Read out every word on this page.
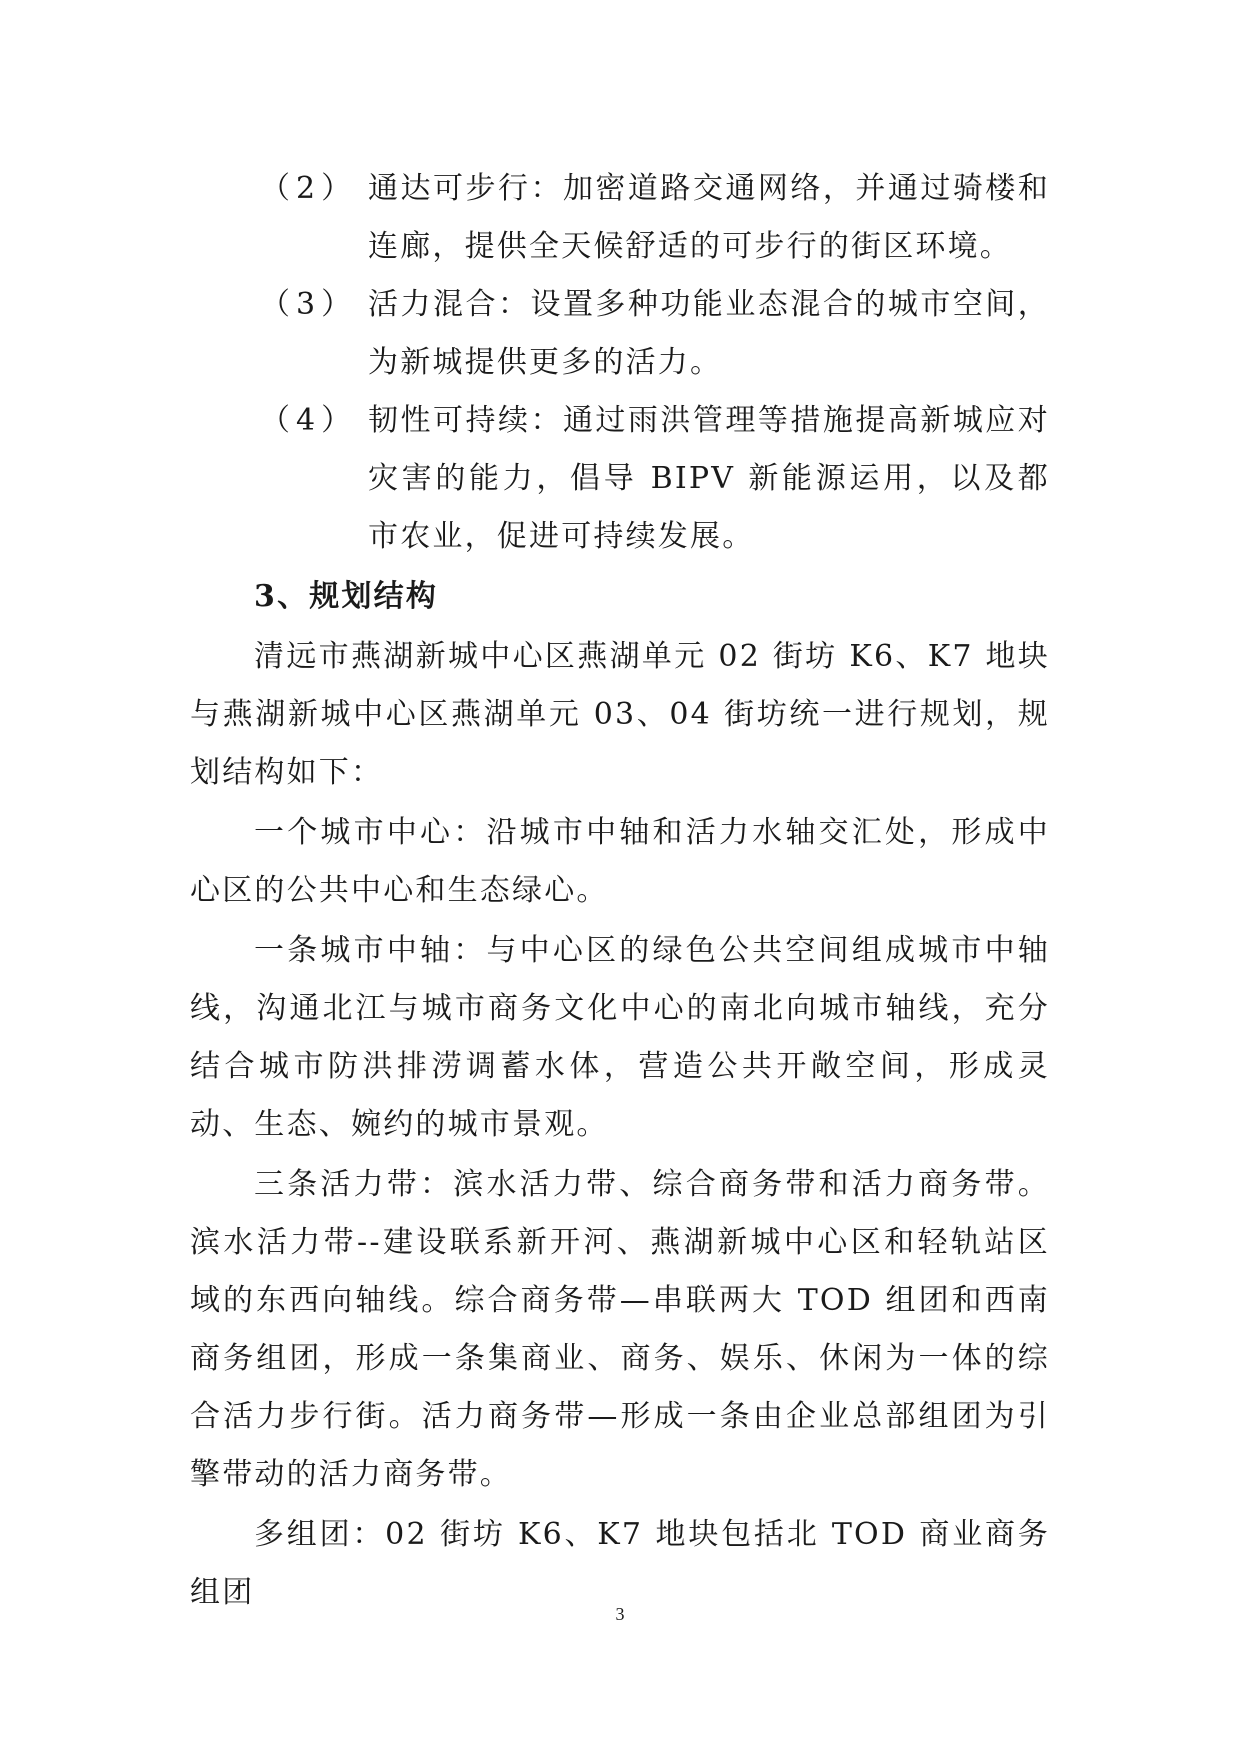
（2） 通达可步行：加密道路交通网络，并通过骑楼和连廊，提供全天候舒适的可步行的街区环境。
（3） 活力混合：设置多种功能业态混合的城市空间，为新城提供更多的活力。
（4） 韧性可持续：通过雨洪管理等措施提高新城应对灾害的能力，倡导 BIPV 新能源运用，以及都市农业，促进可持续发展。
3、规划结构

清远市燕湖新城中心区燕湖单元 02 街坊 K6、K7 地块与燕湖新城中心区燕湖单元 03、04 街坊统一进行规划，规划结构如下：

一个城市中心：沿城市中轴和活力水轴交汇处，形成中心区的公共中心和生态绿心。

一条城市中轴：与中心区的绿色公共空间组成城市中轴线，沟通北江与城市商务文化中心的南北向城市轴线，充分结合城市防洪排涝调蓄水体，营造公共开敞空间，形成灵动、生态、婉约的城市景观。

三条活力带：滨水活力带、综合商务带和活力商务带。滨水活力带--建设联系新开河、燕湖新城中心区和轻轨站区域的东西向轴线。综合商务带—串联两大 TOD 组团和西南商务组团，形成一条集商业、商务、娱乐、休闲为一体的综合活力步行街。活力商务带—形成一条由企业总部组团为引擎带动的活力商务带。

多组团：02 街坊 K6、K7 地块包括北 TOD 商业商务组团

3
